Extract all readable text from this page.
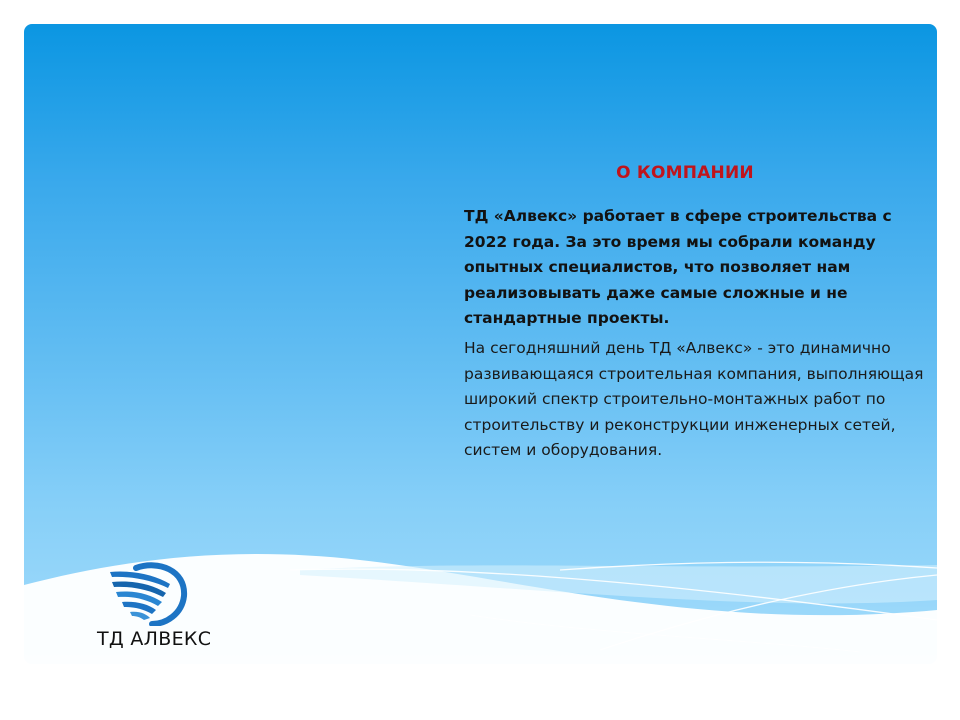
О КОМПАНИИ

ТД «Алвекс» работает в сфере строительства с 2022 года. За это время мы собрали команду опытных специалистов, что позволяет нам реализовывать даже самые сложные и не стандартные проекты.

На сегодняшний день ТД «Алвекс» - это динамично развивающаяся строительная компания, выполняющая широкий спектр строительно-монтажных работ по строительству и реконструкции инженерных сетей, систем и оборудования.

ТД АЛВЕКС
